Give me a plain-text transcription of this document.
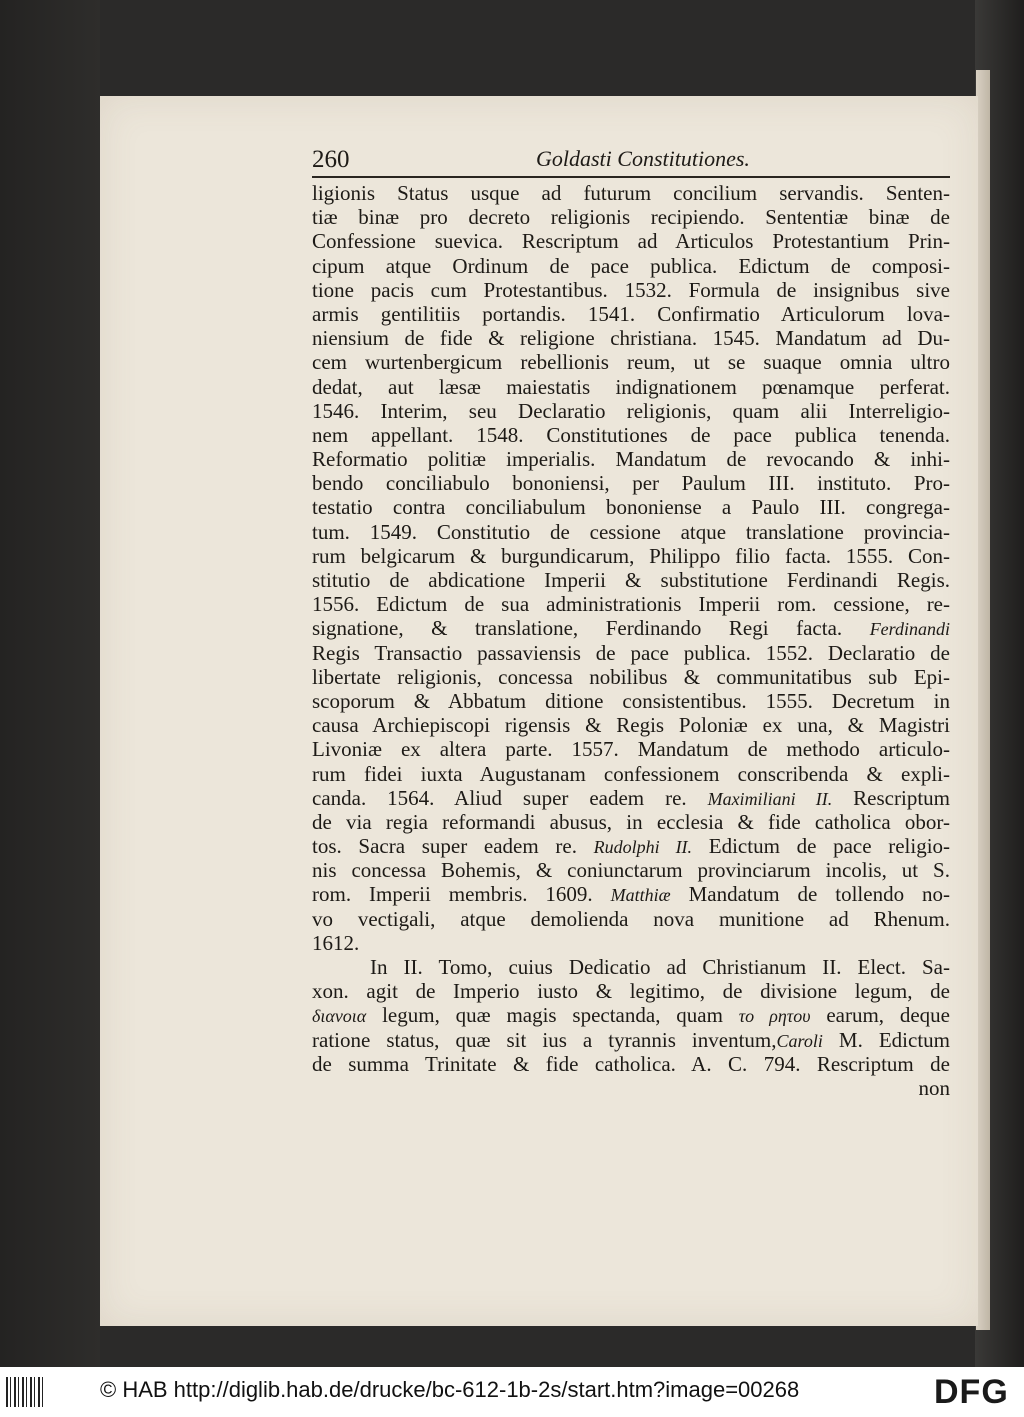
260	Goldasti Constitutiones.
ligionis Status usque ad futurum concilium servandis. Senten-
tiæ binæ pro decreto religionis recipiendo. Sententiæ binæ de
Confessione suevica. Rescriptum ad Articulos Protestantium Prin-
cipum atque Ordinum de pace publica. Edictum de composi-
tione pacis cum Protestantibus. 1532. Formula de insignibus sive
armis gentilitiis portandis. 1541. Confirmatio Articulorum lova-
niensium de fide & religione christiana. 1545. Mandatum ad Du-
cem wurtenbergicum rebellionis reum, ut se suaque omnia ultro
dedat, aut læsæ maiestatis indignationem pœnamque perferat.
1546. Interim, seu Declaratio religionis, quam alii Interreligio-
nem appellant. 1548. Constitutiones de pace publica tenenda.
Reformatio politiæ imperialis. Mandatum de revocando & inhi-
bendo conciliabulo bononiensi, per Paulum III. instituto. Pro-
testatio contra conciliabulum bononiense a Paulo III. congrega-
tum. 1549. Constitutio de cessione atque translatione provincia-
rum belgicarum & burgundicarum, Philippo filio facta. 1555. Con-
stitutio de abdicatione Imperii & substitutione Ferdinandi Regis.
1556. Edictum de sua administrationis Imperii rom. cessione, re-
signatione, & translatione, Ferdinando Regi facta. Ferdinandi
Regis Transactio passaviensis de pace publica. 1552. Declaratio de
libertate religionis, concessa nobilibus & communitatibus sub Epi-
scoporum & Abbatum ditione consistentibus. 1555. Decretum in
causa Archiepiscopi rigensis & Regis Poloniæ ex una, & Magistri
Livoniæ ex altera parte. 1557. Mandatum de methodo articulo-
rum fidei iuxta Augustanam confessionem conscribenda & expli-
canda. 1564. Aliud super eadem re. Maximiliani II. Rescriptum
de via regia reformandi abusus, in ecclesia & fide catholica obor-
tos. Sacra super eadem re. Rudolphi II. Edictum de pace religio-
nis concessa Bohemis, & coniunctarum provinciarum incolis, ut S.
rom. Imperii membris. 1609. Matthiæ Mandatum de tollendo no-
vo vectigali, atque demolienda nova munitione ad Rhenum.
1612.
In II. Tomo, cuius Dedicatio ad Christianum II. Elect. Sa-
xon. agit de Imperio iusto & legitimo, de divisione legum, de
διανοια legum, quæ magis spectanda, quam τo ρητoυ earum, deque
ratione status, quæ sit ius a tyrannis inventum,Caroli M. Edictum
de summa Trinitate & fide catholica. A. C. 794. Rescriptum de
non
© HAB http://diglib.hab.de/drucke/bc-612-1b-2s/start.htm?image=00268	DFG
